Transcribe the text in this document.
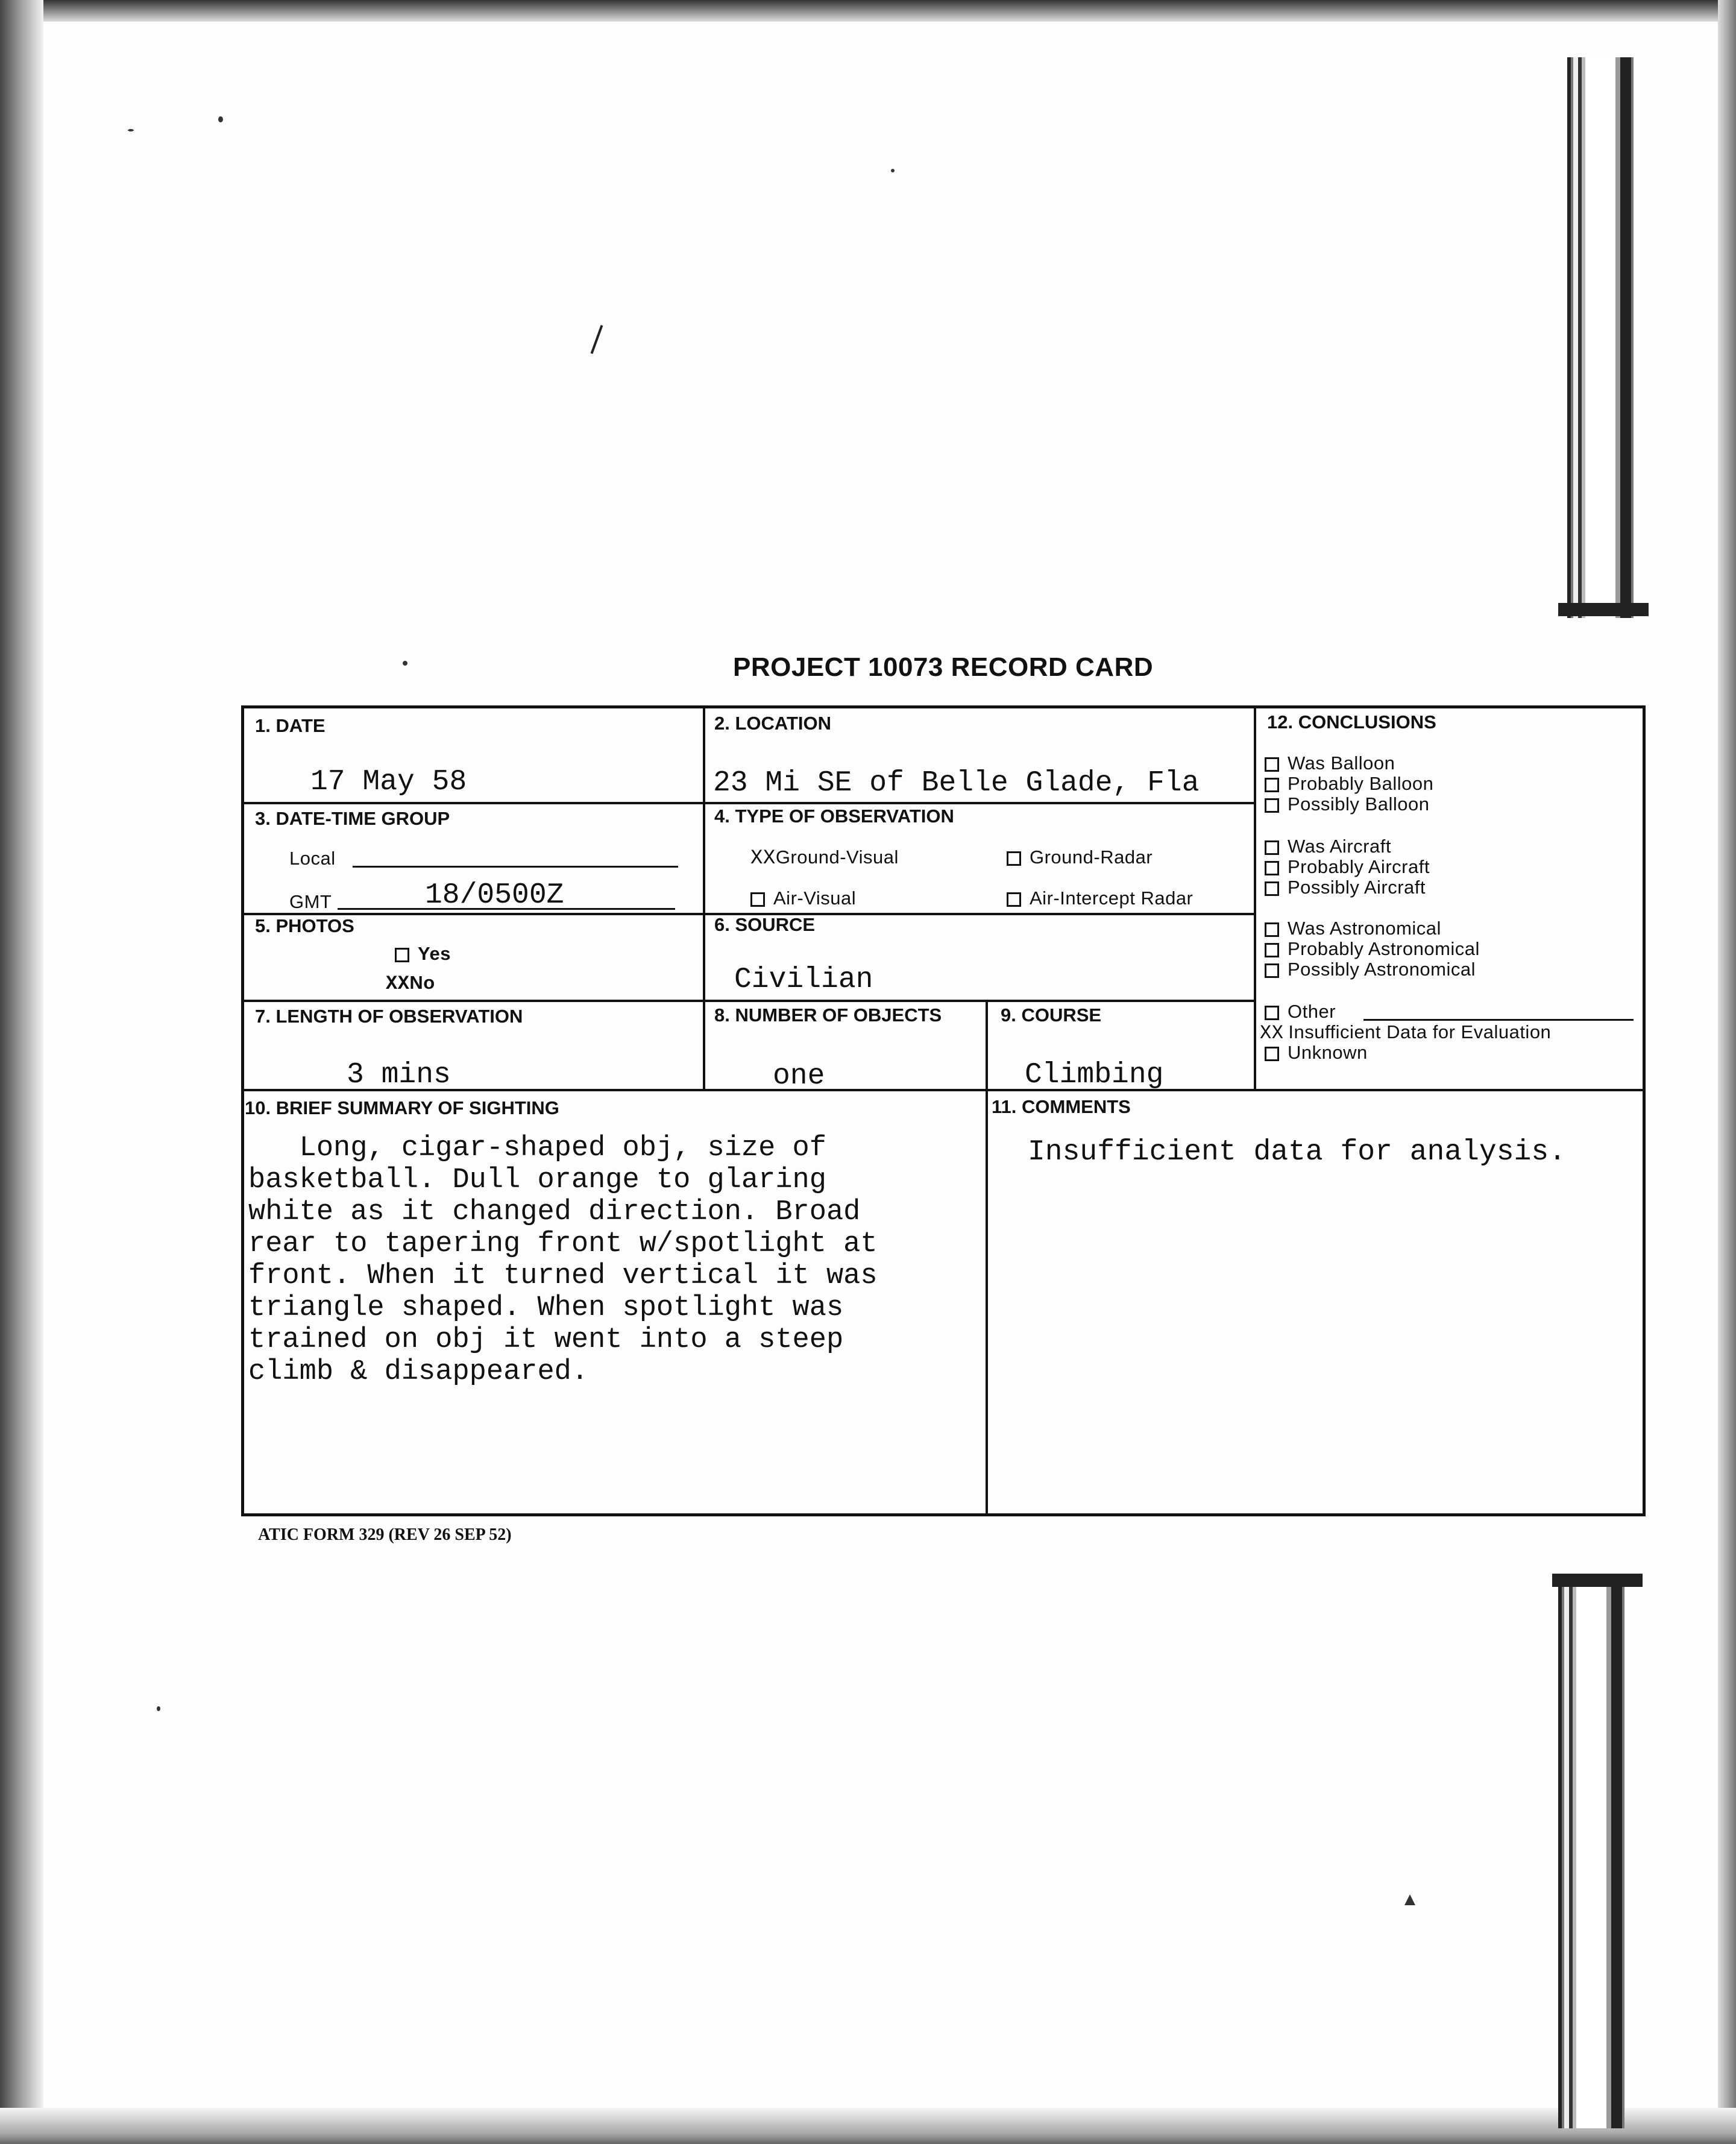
PROJECT 10073 RECORD CARD
1. DATE
17 May 58
2. LOCATION
23 Mi SE of Belle Glade, Fla
3. DATE-TIME GROUP
Local
GMT	18/0500Z
4. TYPE OF OBSERVATION
XXGround-Visual	Ground-Radar
Air-Visual	Air-Intercept Radar
5. PHOTOS
Yes
XXNo
6. SOURCE
Civilian
7. LENGTH OF OBSERVATION
3 mins
8. NUMBER OF OBJECTS
one
9. COURSE
Climbing
10. BRIEF SUMMARY OF SIGHTING
Long, cigar-shaped obj, size of
basketball. Dull orange to glaring
white as it changed direction. Broad
rear to tapering front w/spotlight at
front. When it turned vertical it was
triangle shaped. When spotlight was
trained on obj it went into a steep
climb & disappeared.
11. COMMENTS
Insufficient data for analysis.
12. CONCLUSIONS
Was Balloon
Probably Balloon
Possibly Balloon
Was Aircraft
Probably Aircraft
Possibly Aircraft
Was Astronomical
Probably Astronomical
Possibly Astronomical
Other
XX Insufficient Data for Evaluation
Unknown
ATIC FORM 329 (REV 26 SEP 52)
